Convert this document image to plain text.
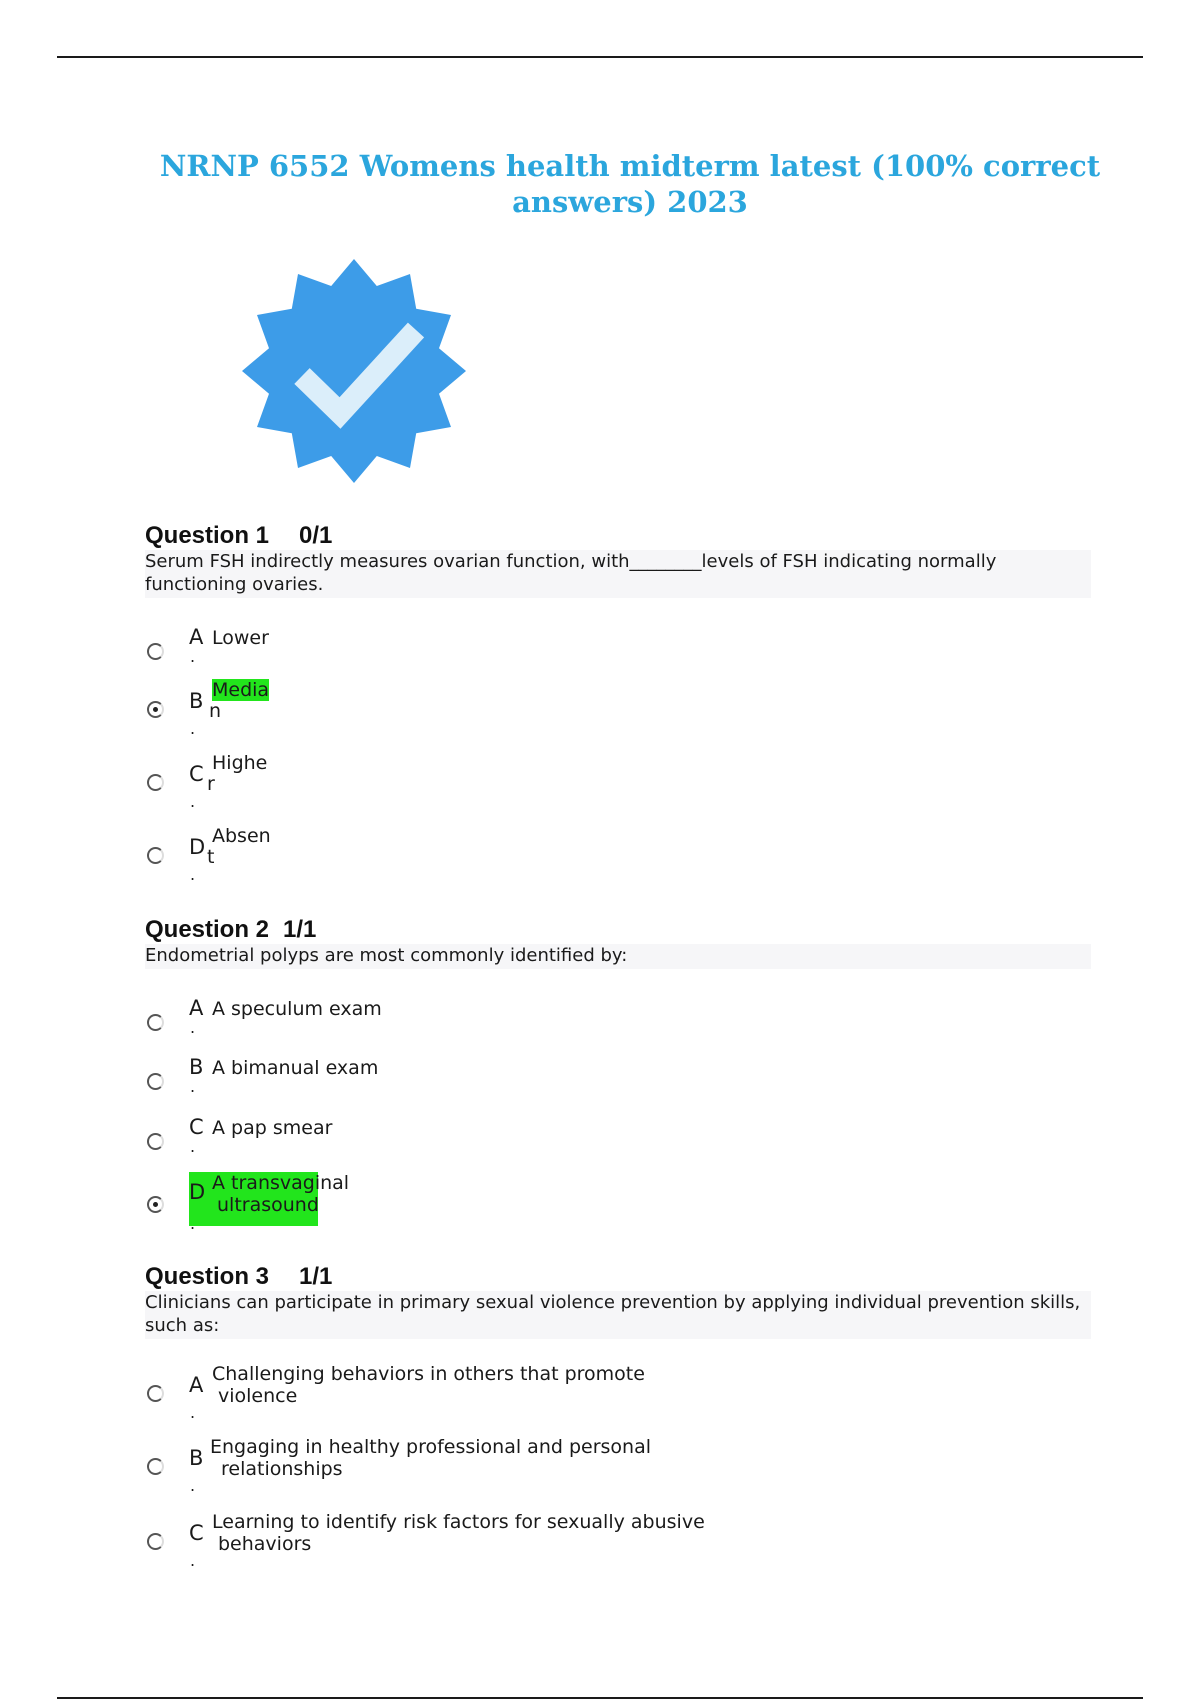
NRNP 6552 Womens health midterm latest (100% correct answers) 2023

Question 1 0/1

Serum FSH indirectly measures ovarian function, with________levels of FSH indicating normally functioning ovaries.

A Lower
.
B Media
n
.
C Highe
r
.
D Absen
t
.

Question 2 1/1

Endometrial polyps are most commonly identified by:

A A speculum exam
.
B A bimanual exam
.
C A pap smear
.
D A transvaginal
ultrasound
.

Question 3 1/1

Clinicians can participate in primary sexual violence prevention by applying individual prevention skills, such as:

A Challenging behaviors in others that promote
violence
.
B Engaging in healthy professional and personal
relationships
.
C Learning to identify risk factors for sexually abusive
behaviors
.
